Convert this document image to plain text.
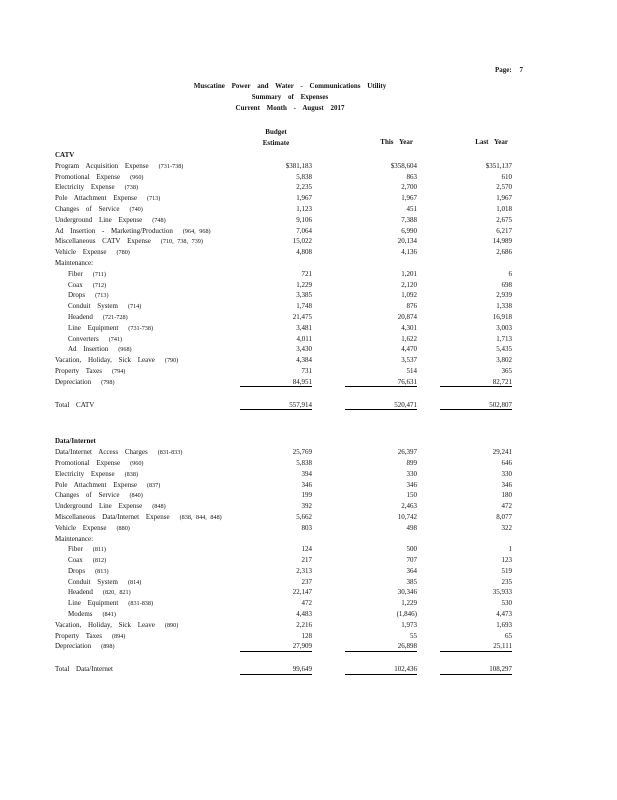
Page: 7
Muscatine Power and Water - Communications Utility
Summary of Expenses
Current Month - August 2017
Budget
Estimate	This Year	Last Year
CATV
Program Acquisition Expense (731-738)	$381,183	$358,604	$351,137
Promotional Expense (960)	5,838	863	610
Electricity Expense (738)	2,235	2,700	2,570
Pole Attachment Expense (713)	1,967	1,967	1,967
Changes of Service (740)	1,123	451	1,018
Underground Line Expense (748)	9,106	7,388	2,675
Ad Insertion - Marketing/Production (964, 968)	7,064	6,990	6,217
Miscellaneous CATV Expense (710, 738, 739)	15,022	20,134	14,989
Vehicle Expense (780)	4,808	4,136	2,686
Maintenance:
Fiber (711)	721	1,201	6
Coax (712)	1,229	2,120	698
Drops (713)	3,385	1,092	2,939
Conduit System (714)	1,748	876	1,338
Headend (721-728)	21,475	20,874	16,918
Line Equipment (731-738)	3,481	4,301	3,003
Converters (741)	4,011	1,622	1,713
Ad Insertion (968)	3,430	4,470	5,435
Vacation, Holiday, Sick Leave (790)	4,384	3,537	3,802
Property Taxes (794)	731	514	365
Depreciation (798)	84,951	76,631	82,721
Total CATV	557,914	520,471	502,807
Data/Internet
Data/Internet Access Charges (831-833)	25,769	26,397	29,241
Promotional Expense (960)	5,838	899	646
Electricity Expense (838)	394	330	330
Pole Attachment Expense (837)	346	346	346
Changes of Service (840)	199	150	180
Underground Line Expense (848)	392	2,463	472
Miscellaneous Data/Internet Expense (838, 844, 848)	5,662	10,742	8,077
Vehicle Expense (880)	803	498	322
Maintenance:
Fiber (811)	124	500	1
Coax (812)	217	707	123
Drops (813)	2,313	364	519
Conduit System (814)	237	385	235
Headend (820, 821)	22,147	30,346	35,933
Line Equipment (831-838)	472	1,229	530
Modems (841)	4,483	(1,846)	4,473
Vacation, Holiday, Sick Leave (890)	2,216	1,973	1,693
Property Taxes (894)	128	55	65
Depreciation (898)	27,909	26,898	25,111
Total Data/Internet	99,649	102,436	108,297
